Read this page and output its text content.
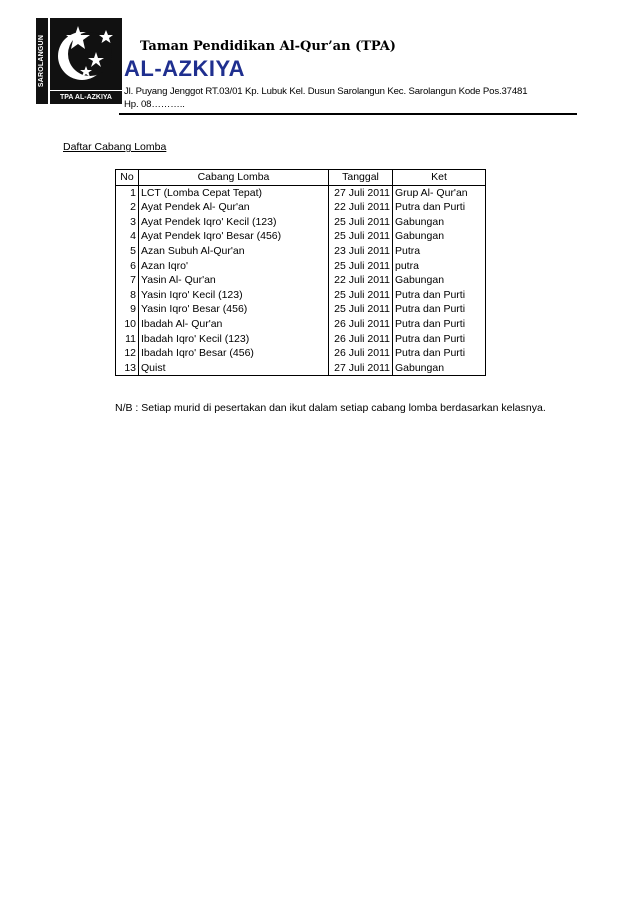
SAROLANGUN
TPA AL-AZKIYA
Taman Pendidikan Al-Qur’an (TPA)
AL-AZKIYA
Jl. Puyang Jenggot RT.03/01 Kp. Lubuk Kel. Dusun Sarolangun Kec. Sarolangun Kode Pos.37481
Hp. 08………..
Daftar Cabang Lomba
No	Cabang Lomba	Tanggal	Ket
1	LCT (Lomba Cepat Tepat)	27 Juli 2011	Grup Al- Qur'an
2	Ayat Pendek Al- Qur'an	22 Juli 2011	Putra dan Purti
3	Ayat Pendek Iqro' Kecil (123)	25 Juli 2011	Gabungan
4	Ayat Pendek Iqro' Besar (456)	25 Juli 2011	Gabungan
5	Azan Subuh Al-Qur'an	23 Juli 2011	Putra
6	Azan Iqro'	25 Juli 2011	putra
7	Yasin Al- Qur'an	22 Juli 2011	Gabungan
8	Yasin Iqro' Kecil (123)	25 Juli 2011	Putra dan Purti
9	Yasin Iqro' Besar (456)	25 Juli 2011	Putra dan Purti
10	Ibadah Al- Qur'an	26 Juli 2011	Putra dan Purti
11	Ibadah Iqro' Kecil (123)	26 Juli 2011	Putra dan Purti
12	Ibadah Iqro' Besar (456)	26 Juli 2011	Putra dan Purti
13	Quist	27 Juli 2011	Gabungan
N/B : Setiap murid di pesertakan dan ikut dalam setiap cabang lomba berdasarkan kelasnya.
